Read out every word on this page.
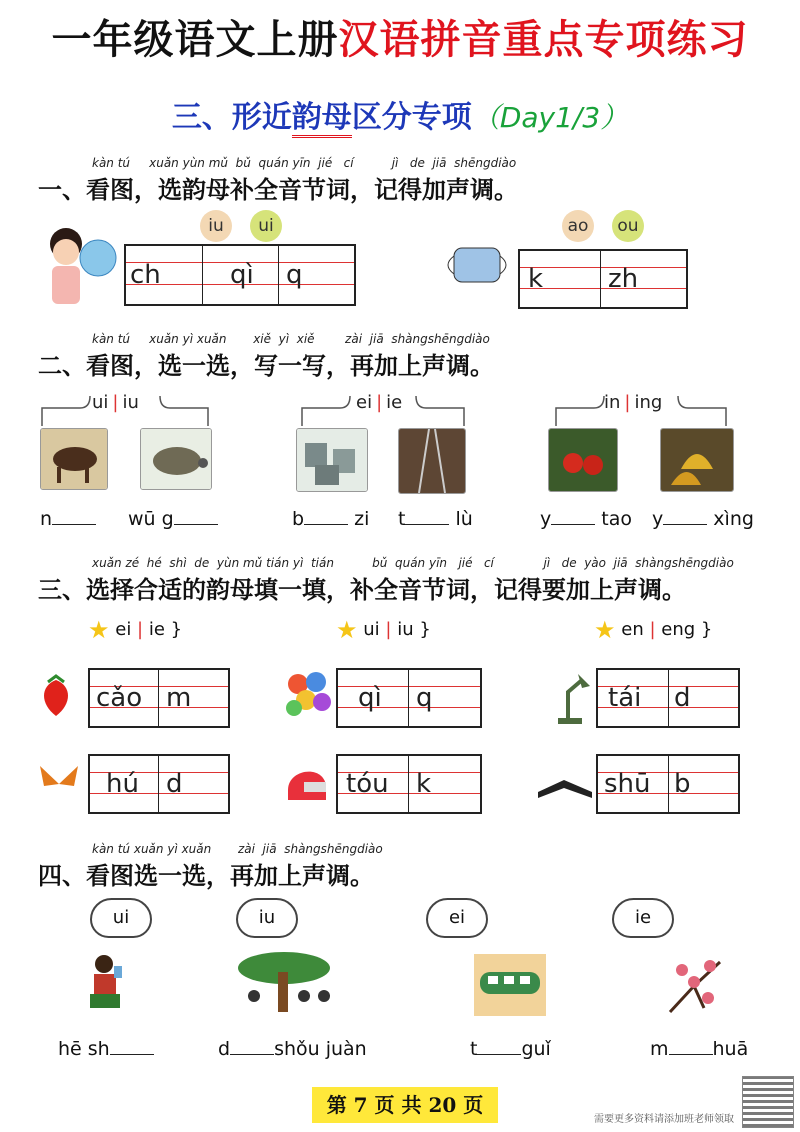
一年级语文上册汉语拼音重点专项练习
三、形近韵母区分专项（Day1/3）
kàn tú     xuǎn yùn mǔ  bǔ  quán yīn  jié   cí          jì   de  jiā  shēngdiào
一、看图，选韵母补全音节词，记得加声调。
iu	ui
ch	qì q
ao	ou
k zh
kàn tú     xuǎn yì xuǎn       xiě  yì  xiě        zài  jiā  shàngshēngdiào
二、看图，选一选，写一写，再加上声调。
ui | iu
n	wū g
ei | ie
b zi t lù
in | ing
y tao y xìng
xuǎn zé  hé  shì  de  yùn mǔ tián yì  tián          bǔ  quán yīn   jié   cí             jì   de  yào  jiā  shàngshēngdiào
三、选择合适的韵母填一填，补全音节词，记得要加上声调。
★ ei | ie }	★ ui | iu }	★ en | eng }
cǎo m	qì q	tái d
hú d	tóu k	shū b
kàn tú xuǎn yì xuǎn       zài  jiā  shàngshēngdiào
四、看图选一选，再加上声调。
ui	iu	ei	ie
hē sh	d shǒu juàn	t guǐ	m huā
第 7 页 共 20 页
需要更多资料请添加班老师领取
